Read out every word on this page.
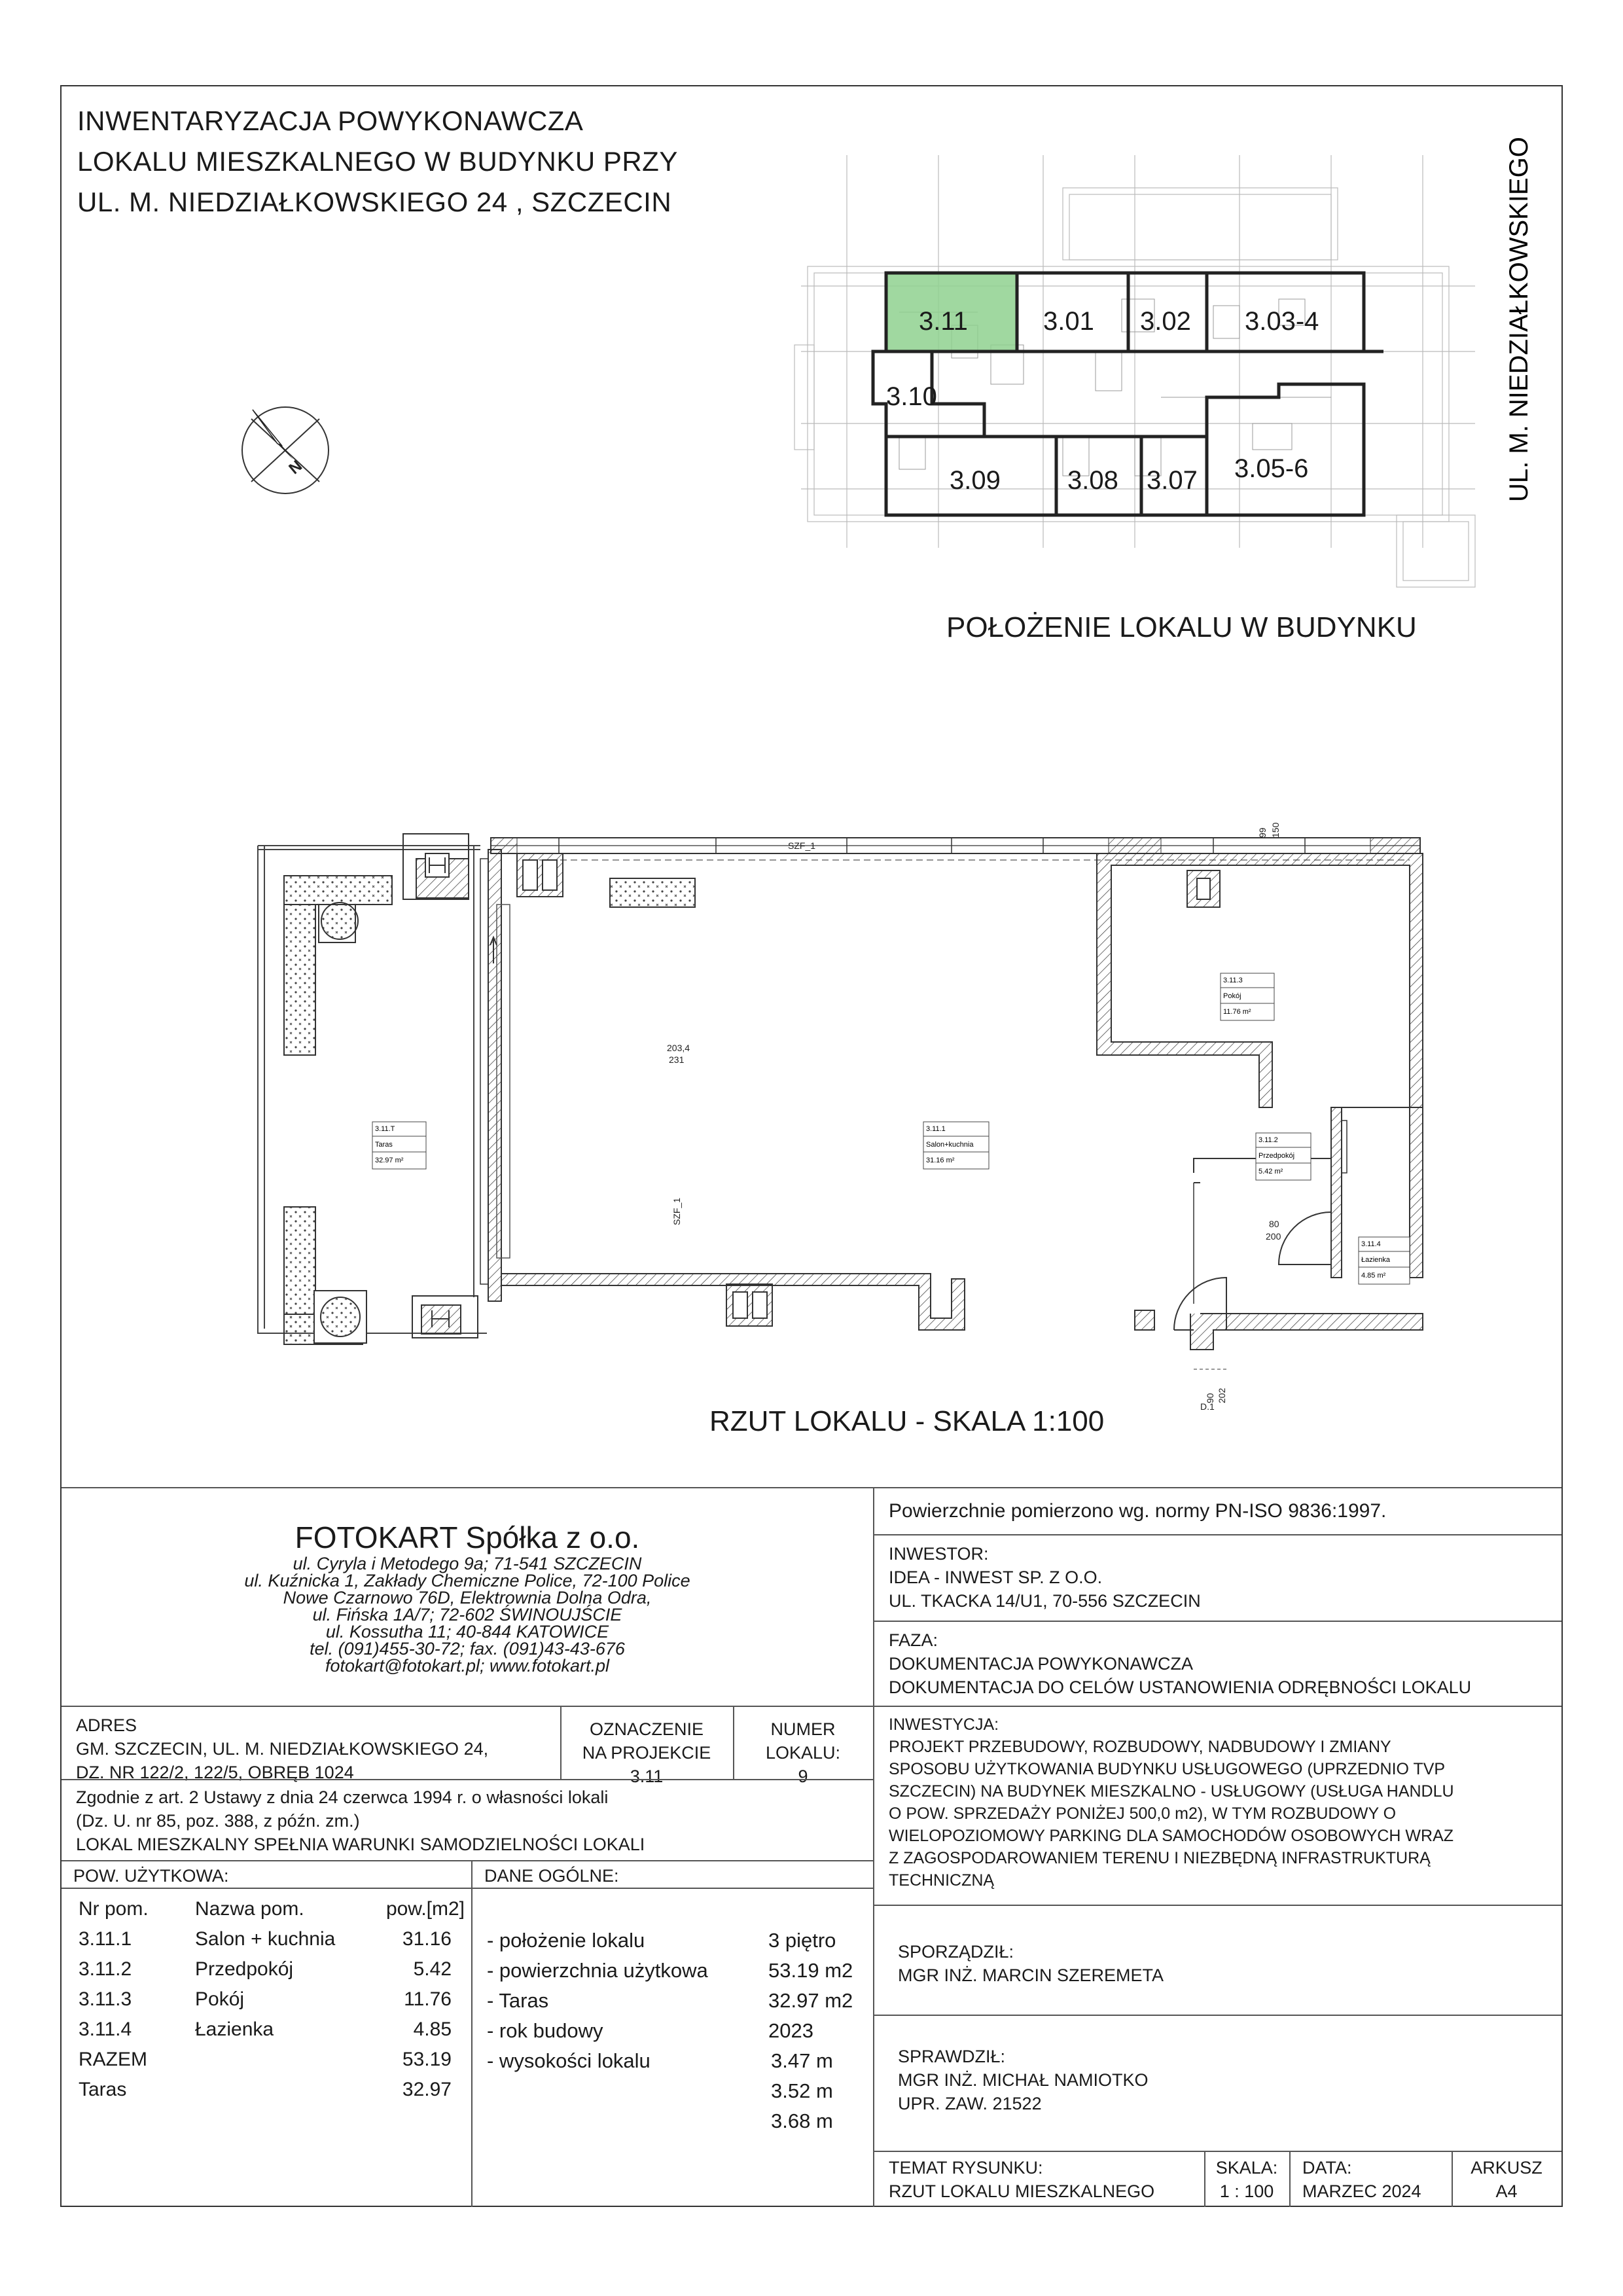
INWENTARYZACJA POWYKONAWCZA
LOKALU MIESZKALNEGO W BUDYNKU PRZY
UL. M. NIEDZIAŁKOWSKIEGO 24 , SZCZECIN
N
3.11	3.01 3.02 3.03-4
3.10
3.09	3.08 3.07 3.05-6	UL. M. NIEDZIAŁKOWSKIEGO
POŁOŻENIE LOKALU W BUDYNKU
3.11.T
Taras
32.97 m²
3.11.1
Salon+kuchnia
31.16 m²
3.11.3
Pokój
11.76 m²
3.11.2
Przedpokój
5.42 m²
3.11.4
Łazienka
4.85 m²
SZF_1
99 150
203,4
231
SZF_1	80
200
90 202
D.1
RZUT LOKALU - SKALA 1:100
FOTOKART Spółka z o.o.
ul. Cyryla i Metodego 9a; 71-541 SZCZECIN
ul. Kuźnicka 1, Zakłady Chemiczne Police, 72-100 Police
Nowe Czarnowo 76D, Elektrownia Dolna Odra,
ul. Fińska 1A/7; 72-602 ŚWINOUJŚCIE
ul. Kossutha 11; 40-844 KATOWICE
tel. (091)455-30-72; fax. (091)43-43-676
fotokart@fotokart.pl; www.fotokart.pl
Powierzchnie pomierzono wg. normy PN-ISO 9836:1997.
INWESTOR:
IDEA - INWEST SP. Z O.O.
UL. TKACKA 14/U1, 70-556 SZCZECIN
FAZA:
DOKUMENTACJA POWYKONAWCZA
DOKUMENTACJA DO CELÓW USTANOWIENIA ODRĘBNOŚCI LOKALU
INWESTYCJA:
PROJEKT PRZEBUDOWY, ROZBUDOWY, NADBUDOWY I ZMIANY
SPOSOBU UŻYTKOWANIA BUDYNKU USŁUGOWEGO (UPRZEDNIO TVP
SZCZECIN) NA BUDYNEK MIESZKALNO - USŁUGOWY (USŁUGA HANDLU
O POW. SPRZEDAŻY PONIŻEJ 500,0 m2), W TYM ROZBUDOWY O
WIELOPOZIOMOWY PARKING DLA SAMOCHODÓW OSOBOWYCH WRAZ
Z ZAGOSPODAROWANIEM TERENU I NIEZBĘDNĄ INFRASTRUKTURĄ
TECHNICZNĄ
SPORZĄDZIŁ:
MGR INŻ. MARCIN SZEREMETA
SPRAWDZIŁ:
MGR INŻ. MICHAŁ NAMIOTKO
UPR. ZAW. 21522
ADRES
GM. SZCZECIN, UL. M. NIEDZIAŁKOWSKIEGO 24,
DZ. NR 122/2, 122/5, OBRĘB 1024
OZNACZENIE
NA PROJEKCIE
3.11
NUMER
LOKALU:
9
Zgodnie z art. 2 Ustawy z dnia 24 czerwca 1994 r. o własności lokali
(Dz. U. nr 85, poz. 388, z późn. zm.)
LOKAL MIESZKALNY SPEŁNIA WARUNKI SAMODZIELNOŚCI LOKALI
POW. UŻYTKOWA:
Nr pom. Nazwa pom.	pow.[m2]
3.11.1	Salon + kuchnia	31.16
3.11.2	Przedpokój	5.42
3.11.3	Pokój	11.76
3.11.4	Łazienka	4.85
RAZEM	53.19
Taras	32.97
DANE OGÓLNE:
- położenie lokalu	3 piętro
- powierzchnia użytkowa	53.19 m2
- Taras	32.97 m2
- rok budowy	2023
- wysokości lokalu	3.47 m
3.52 m
3.68 m
TEMAT RYSUNKU:
RZUT LOKALU MIESZKALNEGO
SKALA:
1 : 100
DATA:
MARZEC 2024
ARKUSZ
A4
